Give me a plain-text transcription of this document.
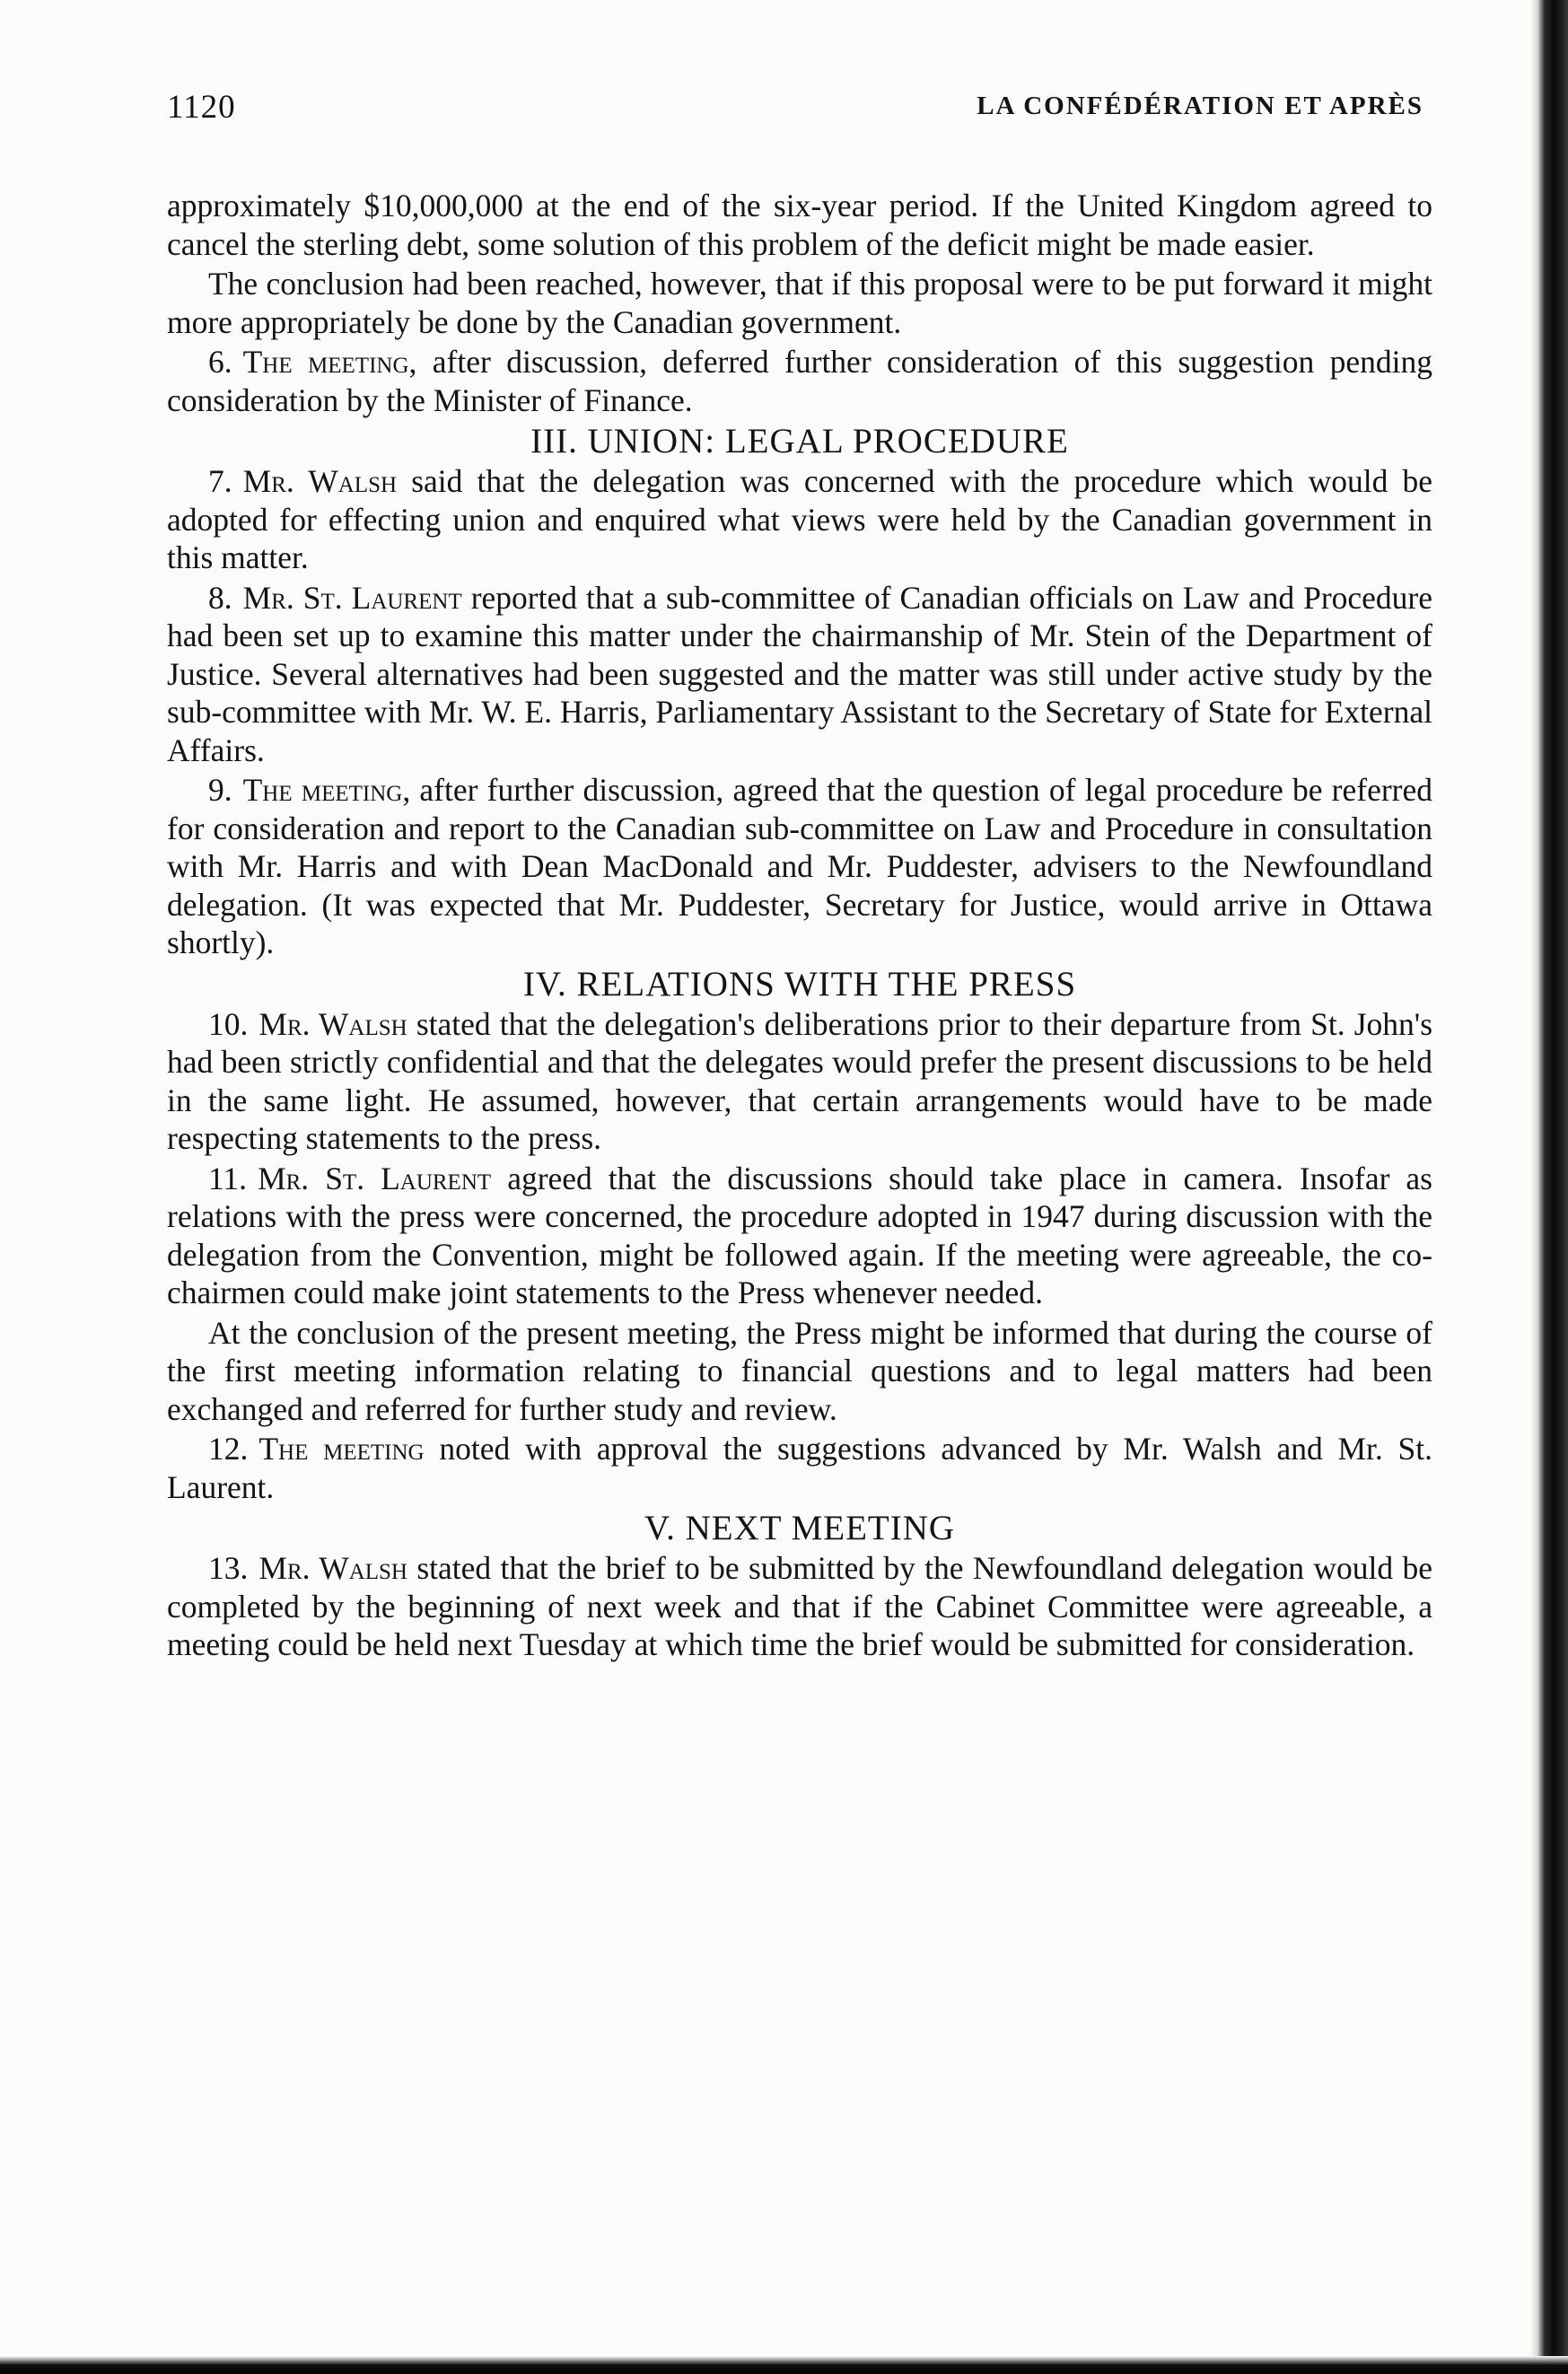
1120	LA CONFÉDÉRATION ET APRÈS

approximately $10,000,000 at the end of the six-year period. If the United Kingdom agreed to cancel the sterling debt, some solution of this problem of the deficit might be made easier.

The conclusion had been reached, however, that if this proposal were to be put forward it might more appropriately be done by the Canadian government.

6. The meeting, after discussion, deferred further consideration of this suggestion pending consideration by the Minister of Finance.

III. UNION: LEGAL PROCEDURE

7. Mr. Walsh said that the delegation was concerned with the procedure which would be adopted for effecting union and enquired what views were held by the Canadian government in this matter.

8. Mr. St. Laurent reported that a sub-committee of Canadian officials on Law and Procedure had been set up to examine this matter under the chairmanship of Mr. Stein of the Department of Justice. Several alternatives had been suggested and the matter was still under active study by the sub-committee with Mr. W. E. Harris, Parliamentary Assistant to the Secretary of State for External Affairs.

9. The meeting, after further discussion, agreed that the question of legal procedure be referred for consideration and report to the Canadian sub-committee on Law and Procedure in consultation with Mr. Harris and with Dean MacDonald and Mr. Puddester, advisers to the Newfoundland delegation. (It was expected that Mr. Puddester, Secretary for Justice, would arrive in Ottawa shortly).

IV. RELATIONS WITH THE PRESS

10. Mr. Walsh stated that the delegation's deliberations prior to their departure from St. John's had been strictly confidential and that the delegates would prefer the present discussions to be held in the same light. He assumed, however, that certain arrangements would have to be made respecting statements to the press.

11. Mr. St. Laurent agreed that the discussions should take place in camera. Insofar as relations with the press were concerned, the procedure adopted in 1947 during discussion with the delegation from the Convention, might be followed again. If the meeting were agreeable, the co-chairmen could make joint statements to the Press whenever needed.

At the conclusion of the present meeting, the Press might be informed that during the course of the first meeting information relating to financial questions and to legal matters had been exchanged and referred for further study and review.

12. The meeting noted with approval the suggestions advanced by Mr. Walsh and Mr. St. Laurent.

V. NEXT MEETING

13. Mr. Walsh stated that the brief to be submitted by the Newfoundland delegation would be completed by the beginning of next week and that if the Cabinet Committee were agreeable, a meeting could be held next Tuesday at which time the brief would be submitted for consideration.
